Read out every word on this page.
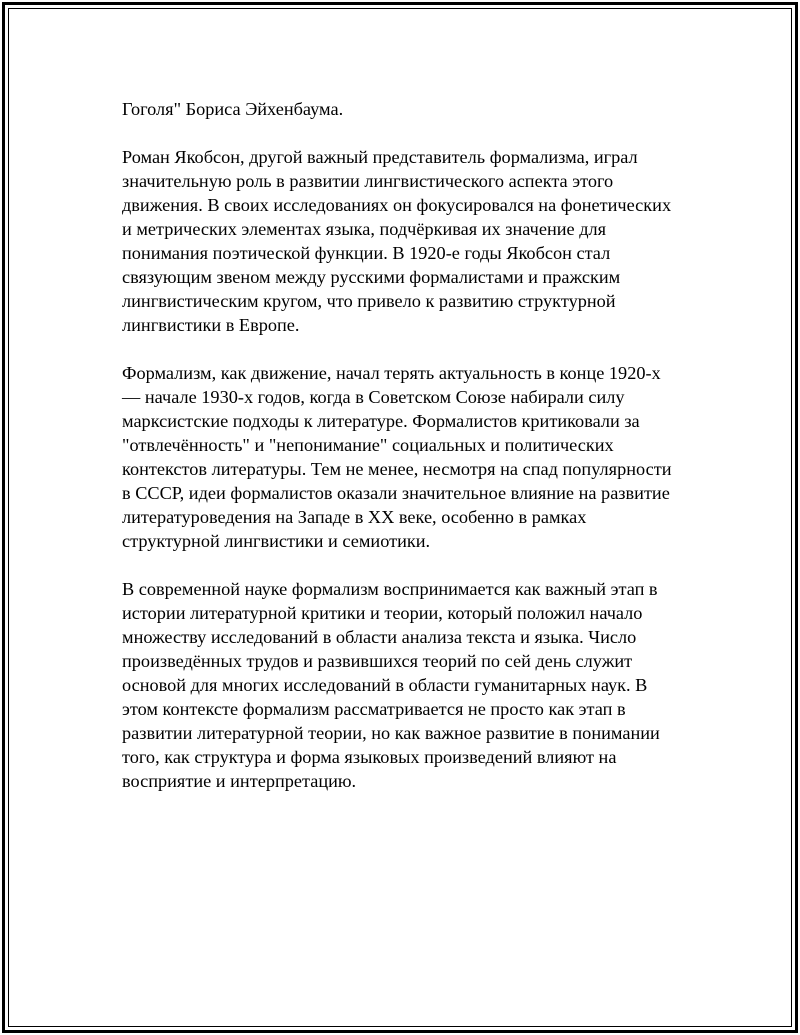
Гоголя" Бориса Эйхенбаума.

Роман Якобсон, другой важный представитель формализма, играл
значительную роль в развитии лингвистического аспекта этого
движения. В своих исследованиях он фокусировался на фонетических
и метрических элементах языка, подчёркивая их значение для
понимания поэтической функции. В 1920-е годы Якобсон стал
связующим звеном между русскими формалистами и пражским
лингвистическим кругом, что привело к развитию структурной
лингвистики в Европе.

Формализм, как движение, начал терять актуальность в конце 1920-х
— начале 1930-х годов, когда в Советском Союзе набирали силу
марксистские подходы к литературе. Формалистов критиковали за
"отвлечённость" и "непонимание" социальных и политических
контекстов литературы. Тем не менее, несмотря на спад популярности
в СССР, идеи формалистов оказали значительное влияние на развитие
литературоведения на Западе в XX веке, особенно в рамках
структурной лингвистики и семиотики.

В современной науке формализм воспринимается как важный этап в
истории литературной критики и теории, который положил начало
множеству исследований в области анализа текста и языка. Число
произведённых трудов и развившихся теорий по сей день служит
основой для многих исследований в области гуманитарных наук. В
этом контексте формализм рассматривается не просто как этап в
развитии литературной теории, но как важное развитие в понимании
того, как структура и форма языковых произведений влияют на
восприятие и интерпретацию.
